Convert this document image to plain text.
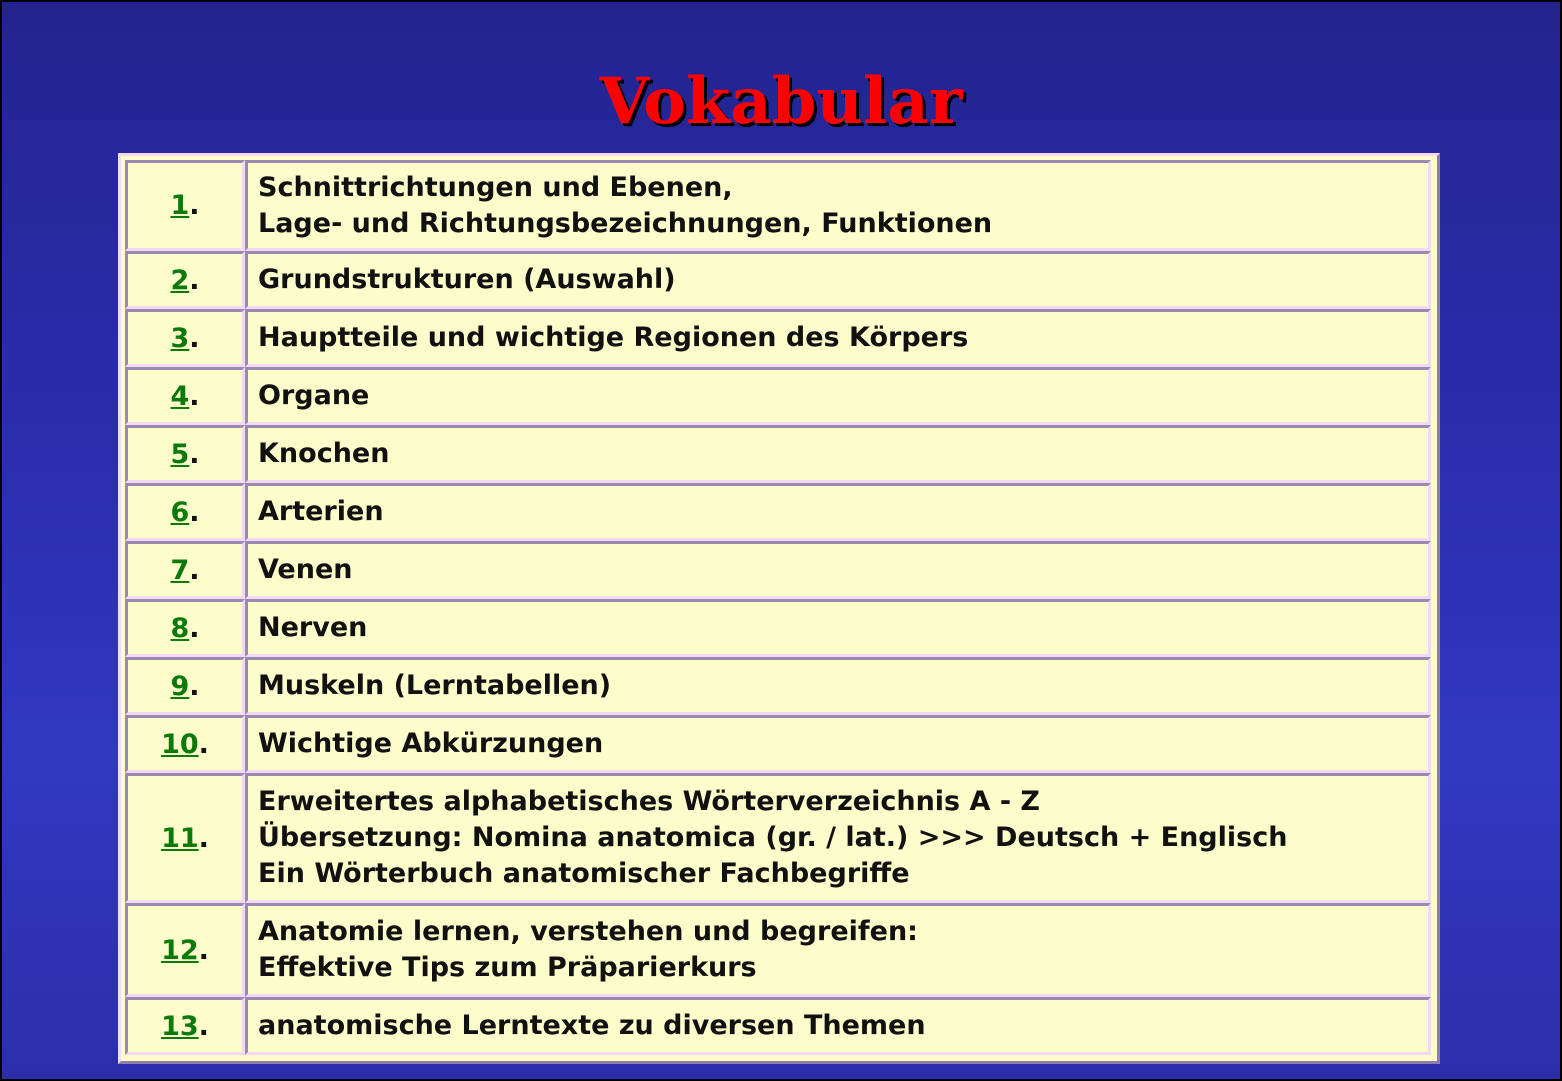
Vokabular
1.	Schnittrichtungen und Ebenen,
Lage- und Richtungsbezeichnungen, Funktionen

2.	Grundstrukturen (Auswahl)

3.	Hauptteile und wichtige Regionen des Körpers

4.	Organe

5.	Knochen

6.	Arterien

7.	Venen

8.	Nerven

9.	Muskeln (Lerntabellen)

10.	Wichtige Abkürzungen

11.	Erweitertes alphabetisches Wörterverzeichnis A - Z
Übersetzung: Nomina anatomica (gr. / lat.) >>> Deutsch + Englisch
Ein Wörterbuch anatomischer Fachbegriffe

12.	Anatomie lernen, verstehen und begreifen:
Effektive Tips zum Präparierkurs

13.	anatomische Lerntexte zu diversen Themen
